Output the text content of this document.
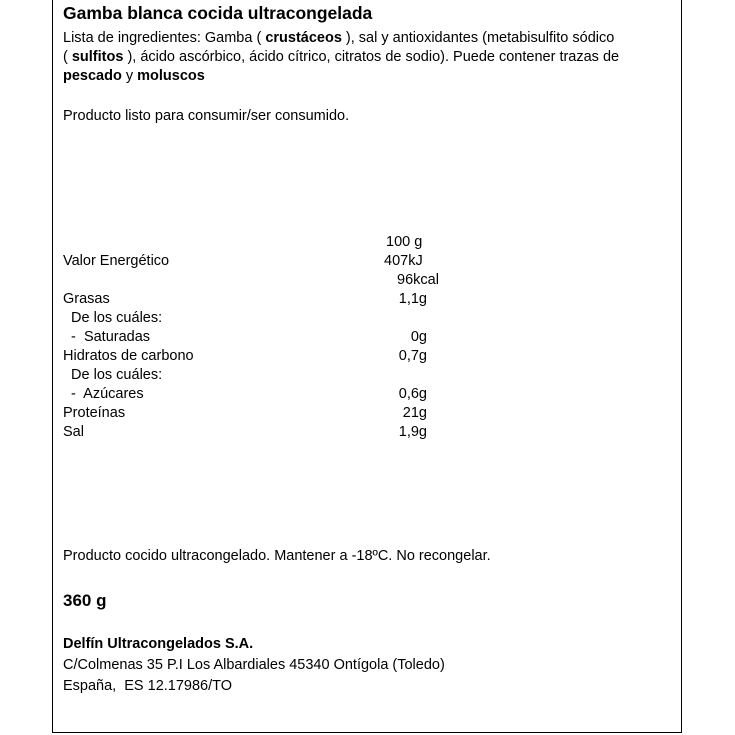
Gamba blanca cocida ultracongelada
Lista de ingredientes: Gamba ( crustáceos ), sal y antioxidantes (metabisulfito sódico ( sulfitos ), ácido ascórbico, ácido cítrico, citratos de sodio). Puede contener trazas de pescado y moluscos
Producto listo para consumir/ser consumido.
100 g
Valor Energético	407kJ
96kcal
Grasas	1,1g
De los cuáles:
-  Saturadas	0g
Hidratos de carbono	0,7g
De los cuáles:
-  Azúcares	0,6g
Proteínas	21g
Sal	1,9g
Producto cocido ultracongelado. Mantener a -18ºC. No recongelar.
360 g
Delfín Ultracongelados S.A.
C/Colmenas 35 P.I Los Albardiales 45340 Ontígola (Toledo)
España,  ES 12.17986/TO
